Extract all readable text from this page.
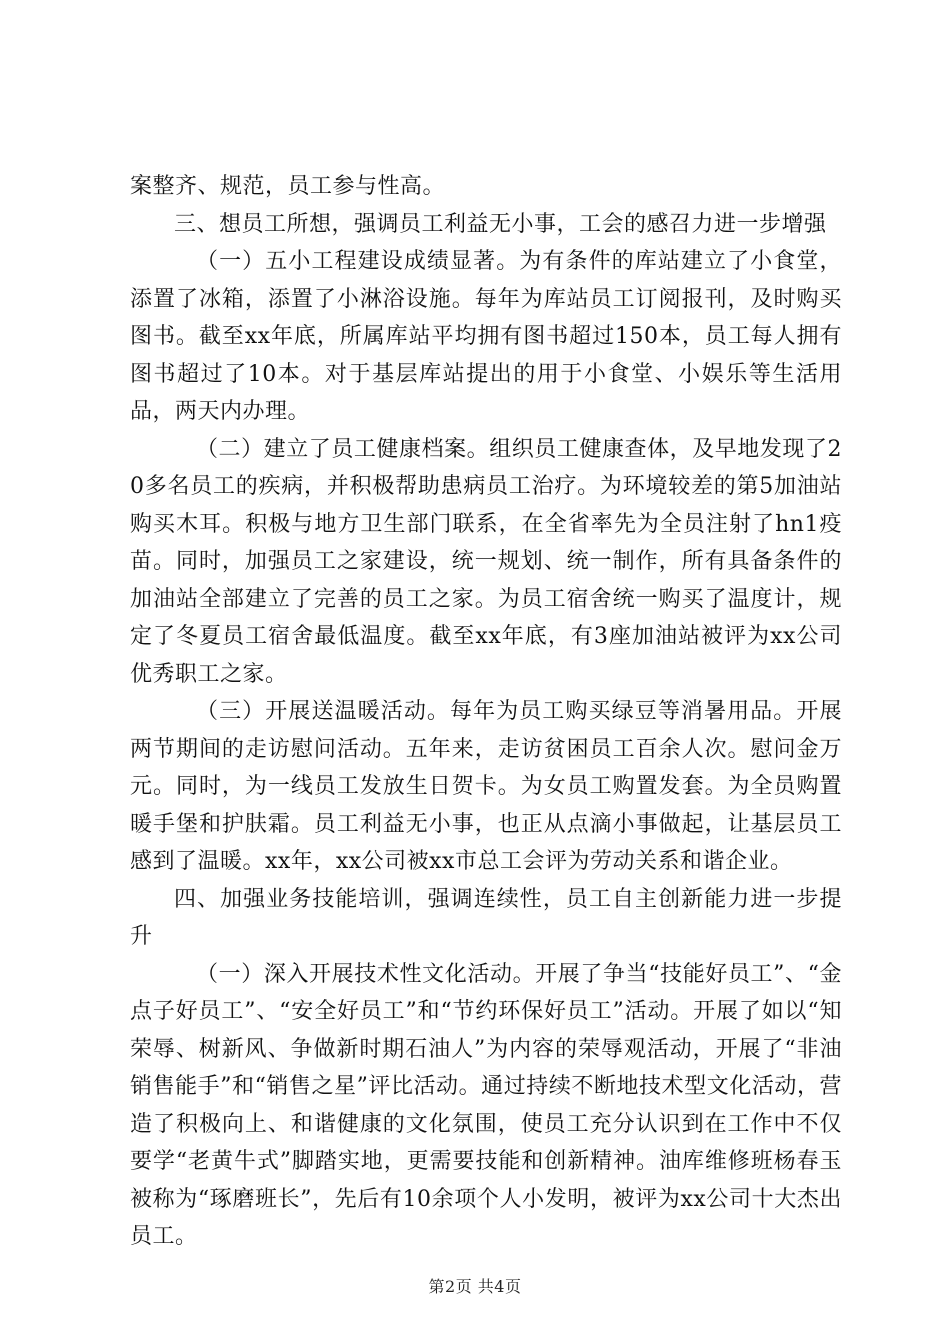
案整齐、规范，员工参与性高。

三、想员工所想，强调员工利益无小事，工会的感召力进一步增强

（一）五小工程建设成绩显著。为有条件的库站建立了小食堂，添置了冰箱，添置了小淋浴设施。每年为库站员工订阅报刊，及时购买图书。截至xx年底，所属库站平均拥有图书超过150本，员工每人拥有图书超过了10本。对于基层库站提出的用于小食堂、小娱乐等生活用品，两天内办理。

（二）建立了员工健康档案。组织员工健康查体，及早地发现了20多名员工的疾病，并积极帮助患病员工治疗。为环境较差的第5加油站购买木耳。积极与地方卫生部门联系，在全省率先为全员注射了hn1疫苗。同时，加强员工之家建设，统一规划、统一制作，所有具备条件的加油站全部建立了完善的员工之家。为员工宿舍统一购买了温度计，规定了冬夏员工宿舍最低温度。截至xx年底，有3座加油站被评为xx公司优秀职工之家。

（三）开展送温暖活动。每年为员工购买绿豆等消暑用品。开展两节期间的走访慰问活动。五年来，走访贫困员工百余人次。慰问金万元。同时，为一线员工发放生日贺卡。为女员工购置发套。为全员购置暖手堡和护肤霜。员工利益无小事，也正从点滴小事做起，让基层员工感到了温暖。xx年，xx公司被xx市总工会评为劳动关系和谐企业。

四、加强业务技能培训，强调连续性，员工自主创新能力进一步提升

（一）深入开展技术性文化活动。开展了争当“技能好员工”、“金点子好员工”、“安全好员工”和“节约环保好员工”活动。开展了如以“知荣辱、树新风、争做新时期石油人”为内容的荣辱观活动，开展了“非油销售能手”和“销售之星”评比活动。通过持续不断地技术型文化活动，营造了积极向上、和谐健康的文化氛围，使员工充分认识到在工作中不仅要学“老黄牛式”脚踏实地，更需要技能和创新精神。油库维修班杨春玉被称为“琢磨班长”，先后有10余项个人小发明，被评为xx公司十大杰出员工。

第2页 共4页
